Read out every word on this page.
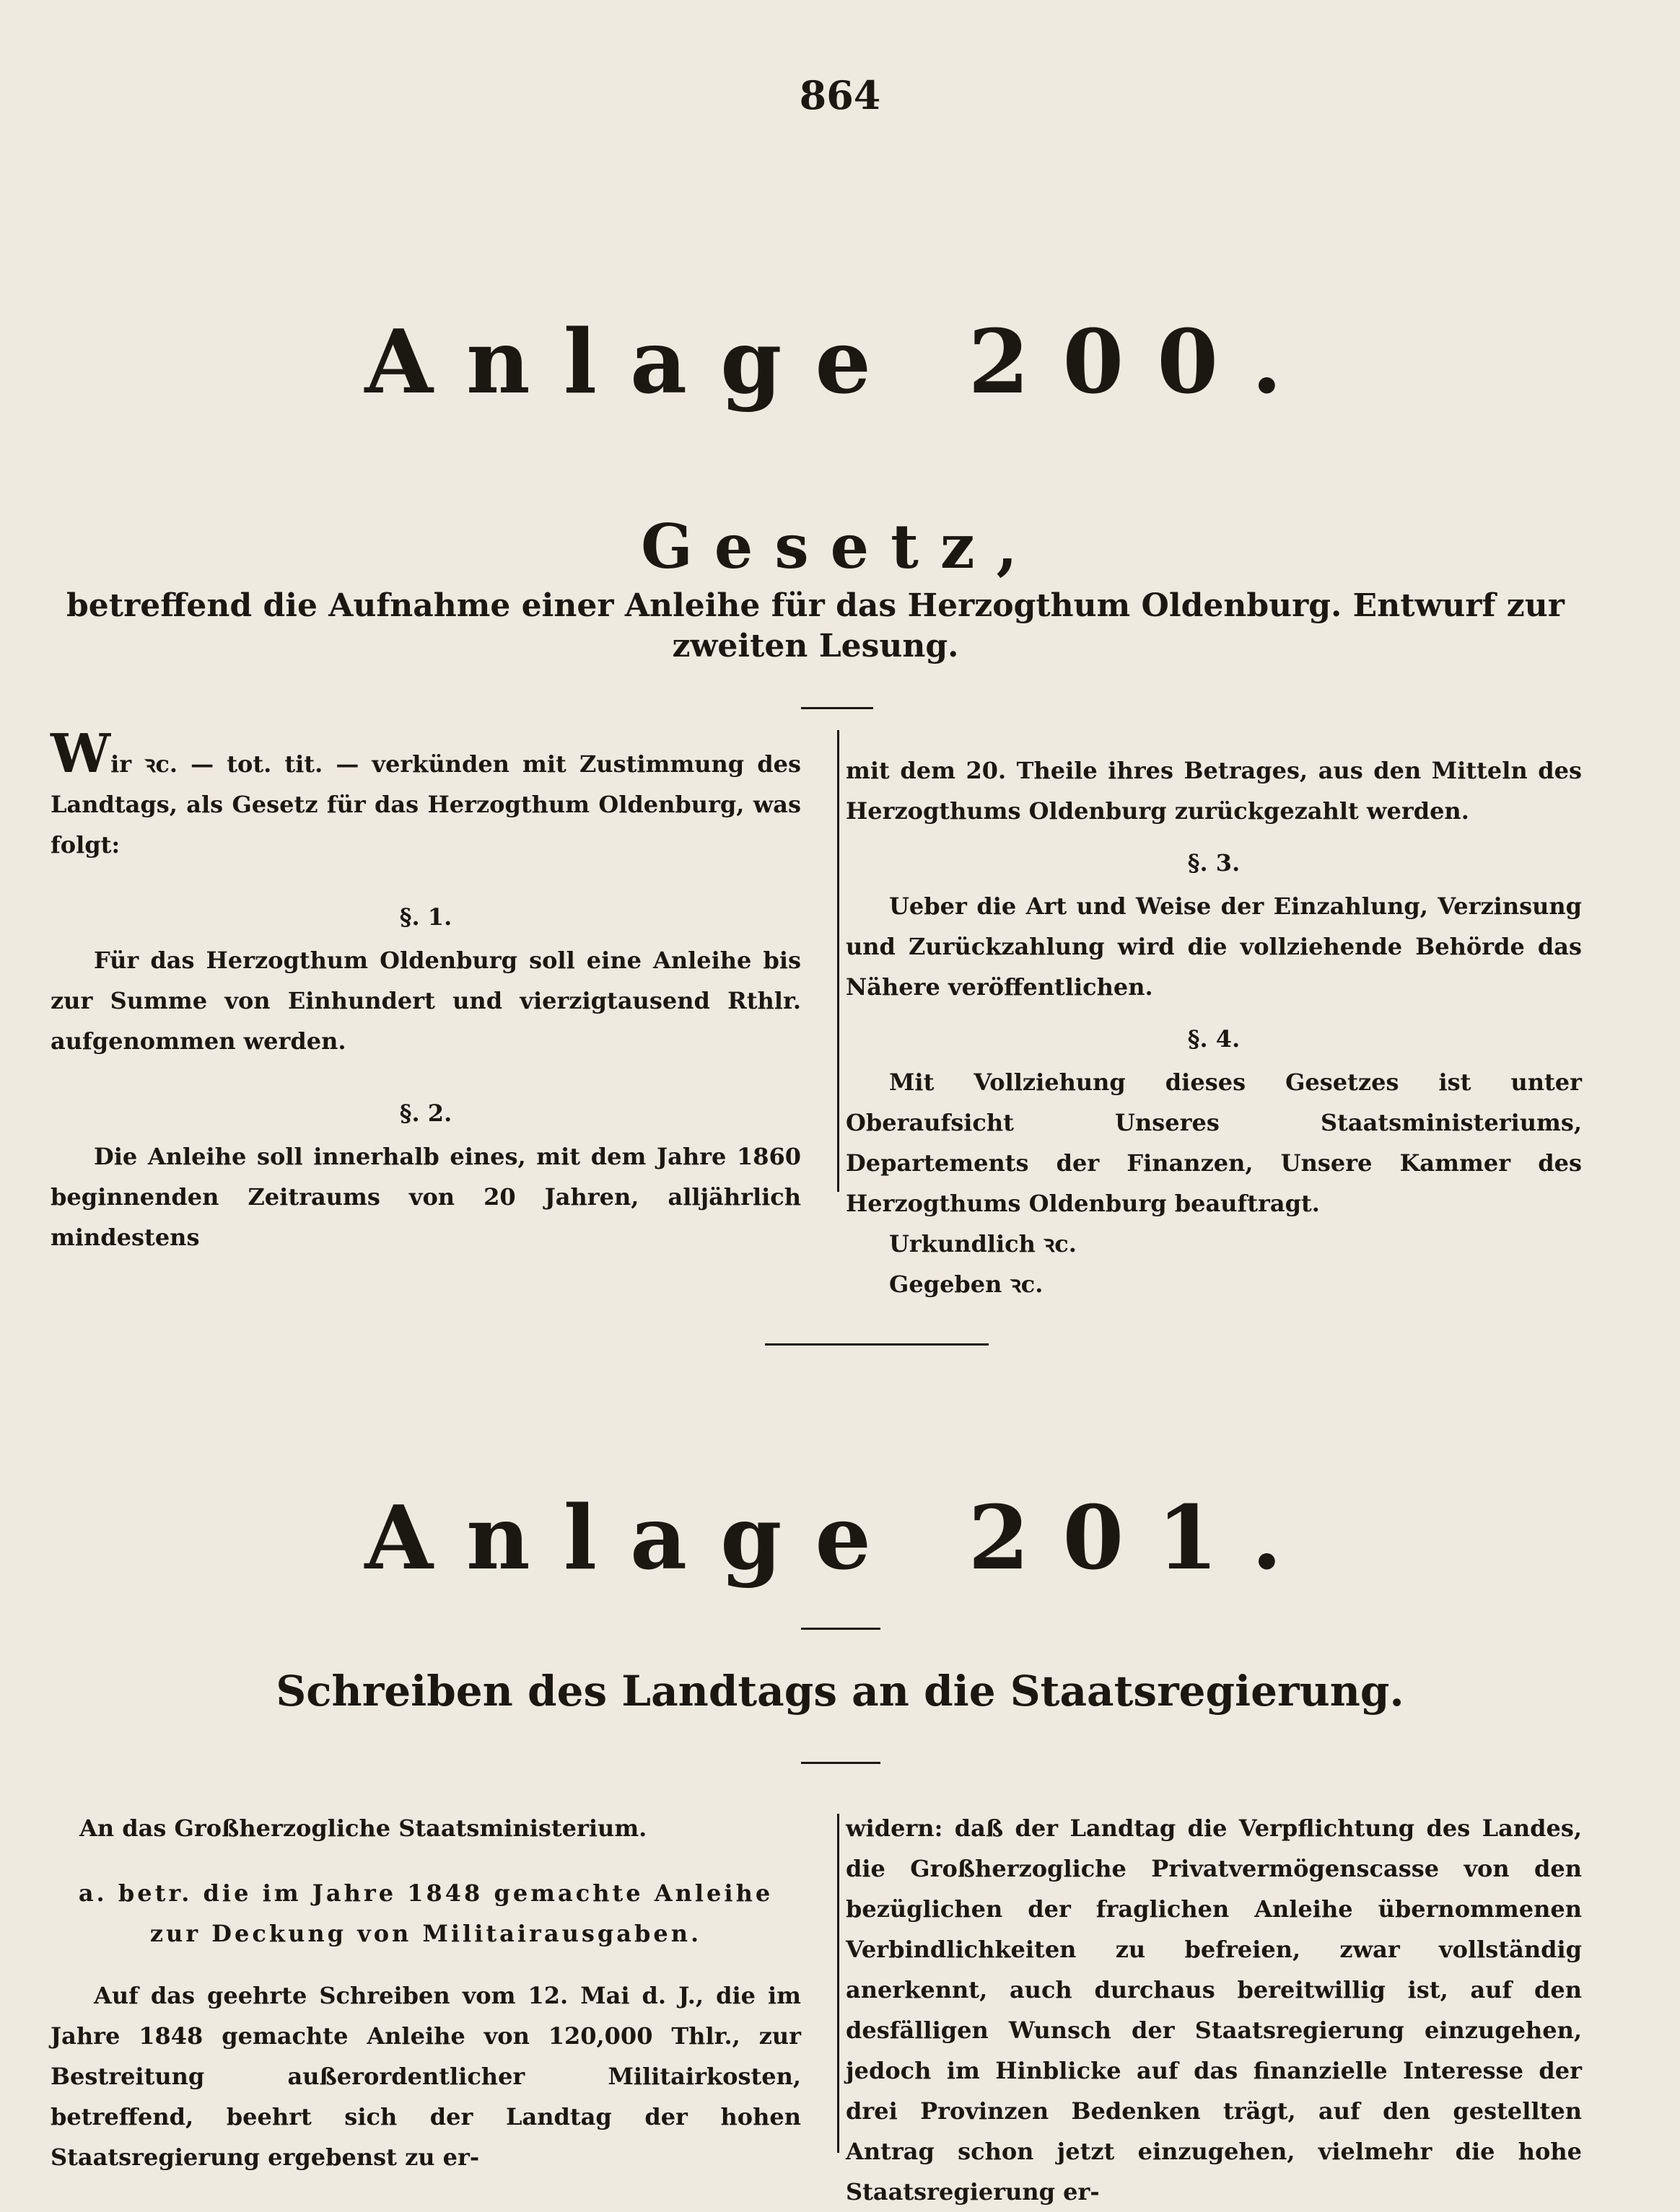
864
Anlage 200.
Gesetz,
betreffend die Aufnahme einer Anleihe für das Herzogthum Oldenburg. Entwurf zur zweiten Lesung.

Wir ꝛc. — tot. tit. — verkünden mit Zustimmung des Landtags, als Gesetz für das Herzogthum Oldenburg, was folgt:

§. 1.

Für das Herzogthum Oldenburg soll eine Anleihe bis zur Summe von Einhundert und vierzigtausend Rthlr. aufgenommen werden.

§. 2.

Die Anleihe soll innerhalb eines, mit dem Jahre 1860 beginnenden Zeitraums von 20 Jahren, alljährlich mindestens

mit dem 20. Theile ihres Betrages, aus den Mitteln des Herzogthums Oldenburg zurückgezahlt werden.

§. 3.

Ueber die Art und Weise der Einzahlung, Verzinsung und Zurückzahlung wird die vollziehende Behörde das Nähere veröffentlichen.

§. 4.

Mit Vollziehung dieses Gesetzes ist unter Oberaufsicht Unseres Staatsministeriums, Departements der Finanzen, Unsere Kammer des Herzogthums Oldenburg beauftragt.

Urkundlich ꝛc.

Gegeben ꝛc.

Anlage 201.
Schreiben des Landtags an die Staatsregierung.

An das Großherzogliche Staatsministerium.

a. betr. die im Jahre 1848 gemachte Anleihe zur Deckung von Militairausgaben.

Auf das geehrte Schreiben vom 12. Mai d. J., die im Jahre 1848 gemachte Anleihe von 120,000 Thlr., zur Bestreitung außerordentlicher Militairkosten, betreffend, beehrt sich der Landtag der hohen Staatsregierung ergebenst zu er-

widern: daß der Landtag die Verpflichtung des Landes, die Großherzogliche Privatvermögenscasse von den bezüglichen der fraglichen Anleihe übernommenen Verbindlichkeiten zu befreien, zwar vollständig anerkennt, auch durchaus bereitwillig ist, auf den desfälligen Wunsch der Staatsregierung einzugehen, jedoch im Hinblicke auf das finanzielle Interesse der drei Provinzen Bedenken trägt, auf den gestellten Antrag schon jetzt einzugehen, vielmehr die hohe Staatsregierung er-
